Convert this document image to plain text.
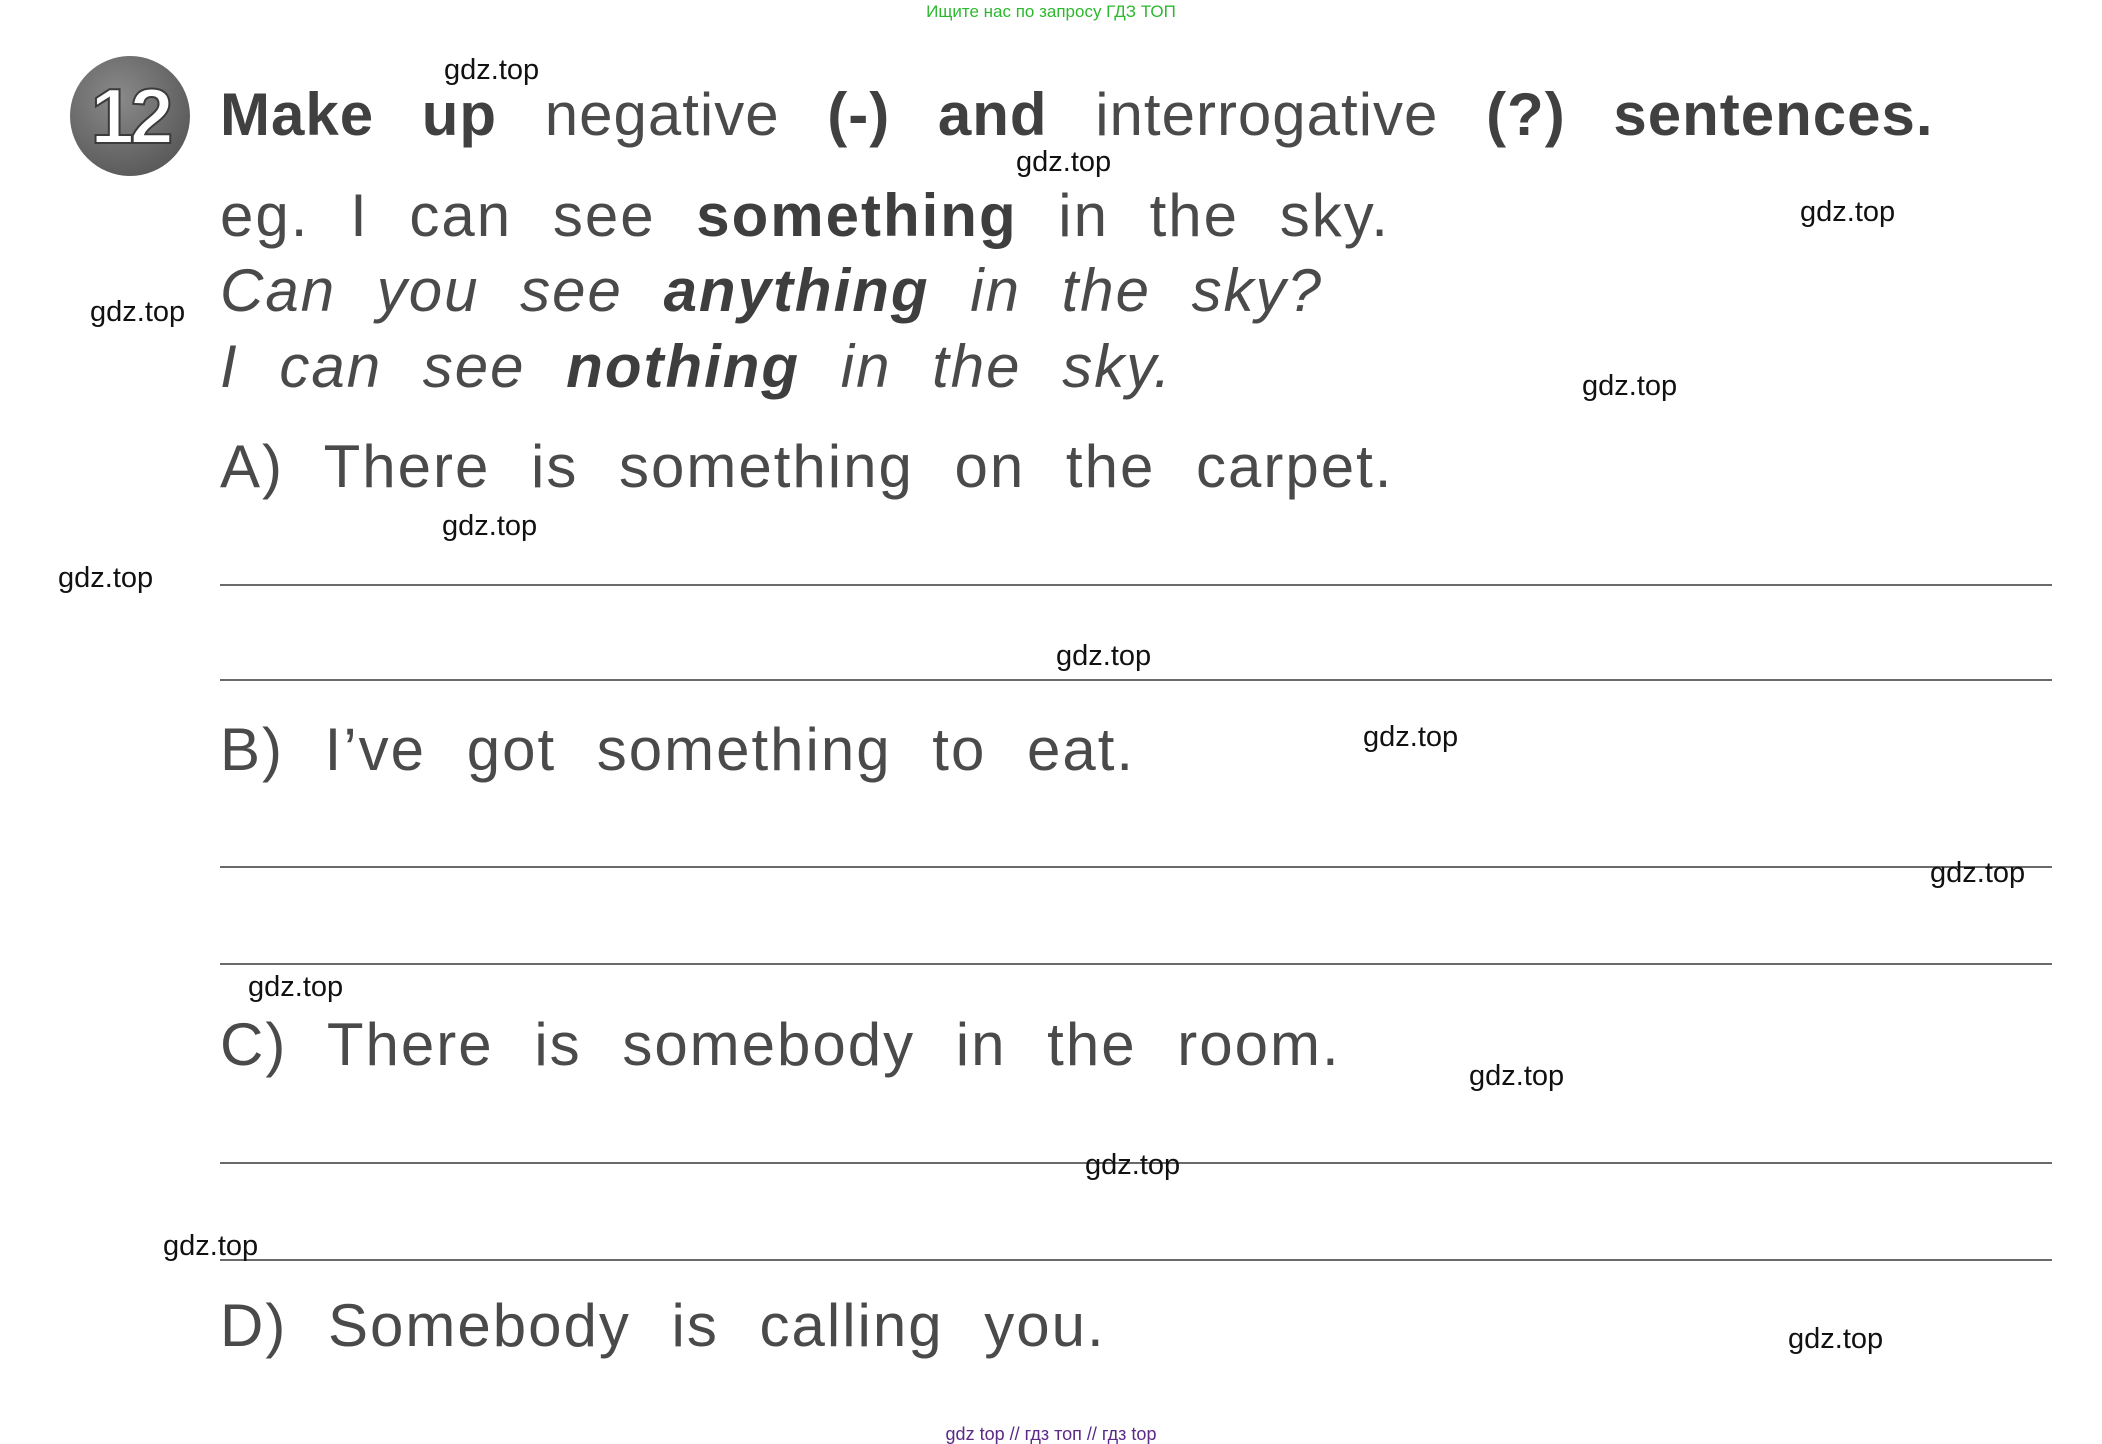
Ищите нас по запросу ГДЗ ТОП
12 Make up negative (-) and interrogative (?) sentences.
eg. I can see something in the sky.
Can you see anything in the sky?
I can see nothing in the sky.
A) There is something on the carpet.
B) I’ve got something to eat.
C) There is somebody in the room.
D) Somebody is calling you.
gdz.top
gdz.top
gdz.top
gdz.top
gdz.top
gdz.top
gdz.top
gdz.top
gdz.top
gdz.top
gdz.top
gdz.top
gdz.top
gdz.top
gdz.top
gdz top // гдз топ // гдз top
